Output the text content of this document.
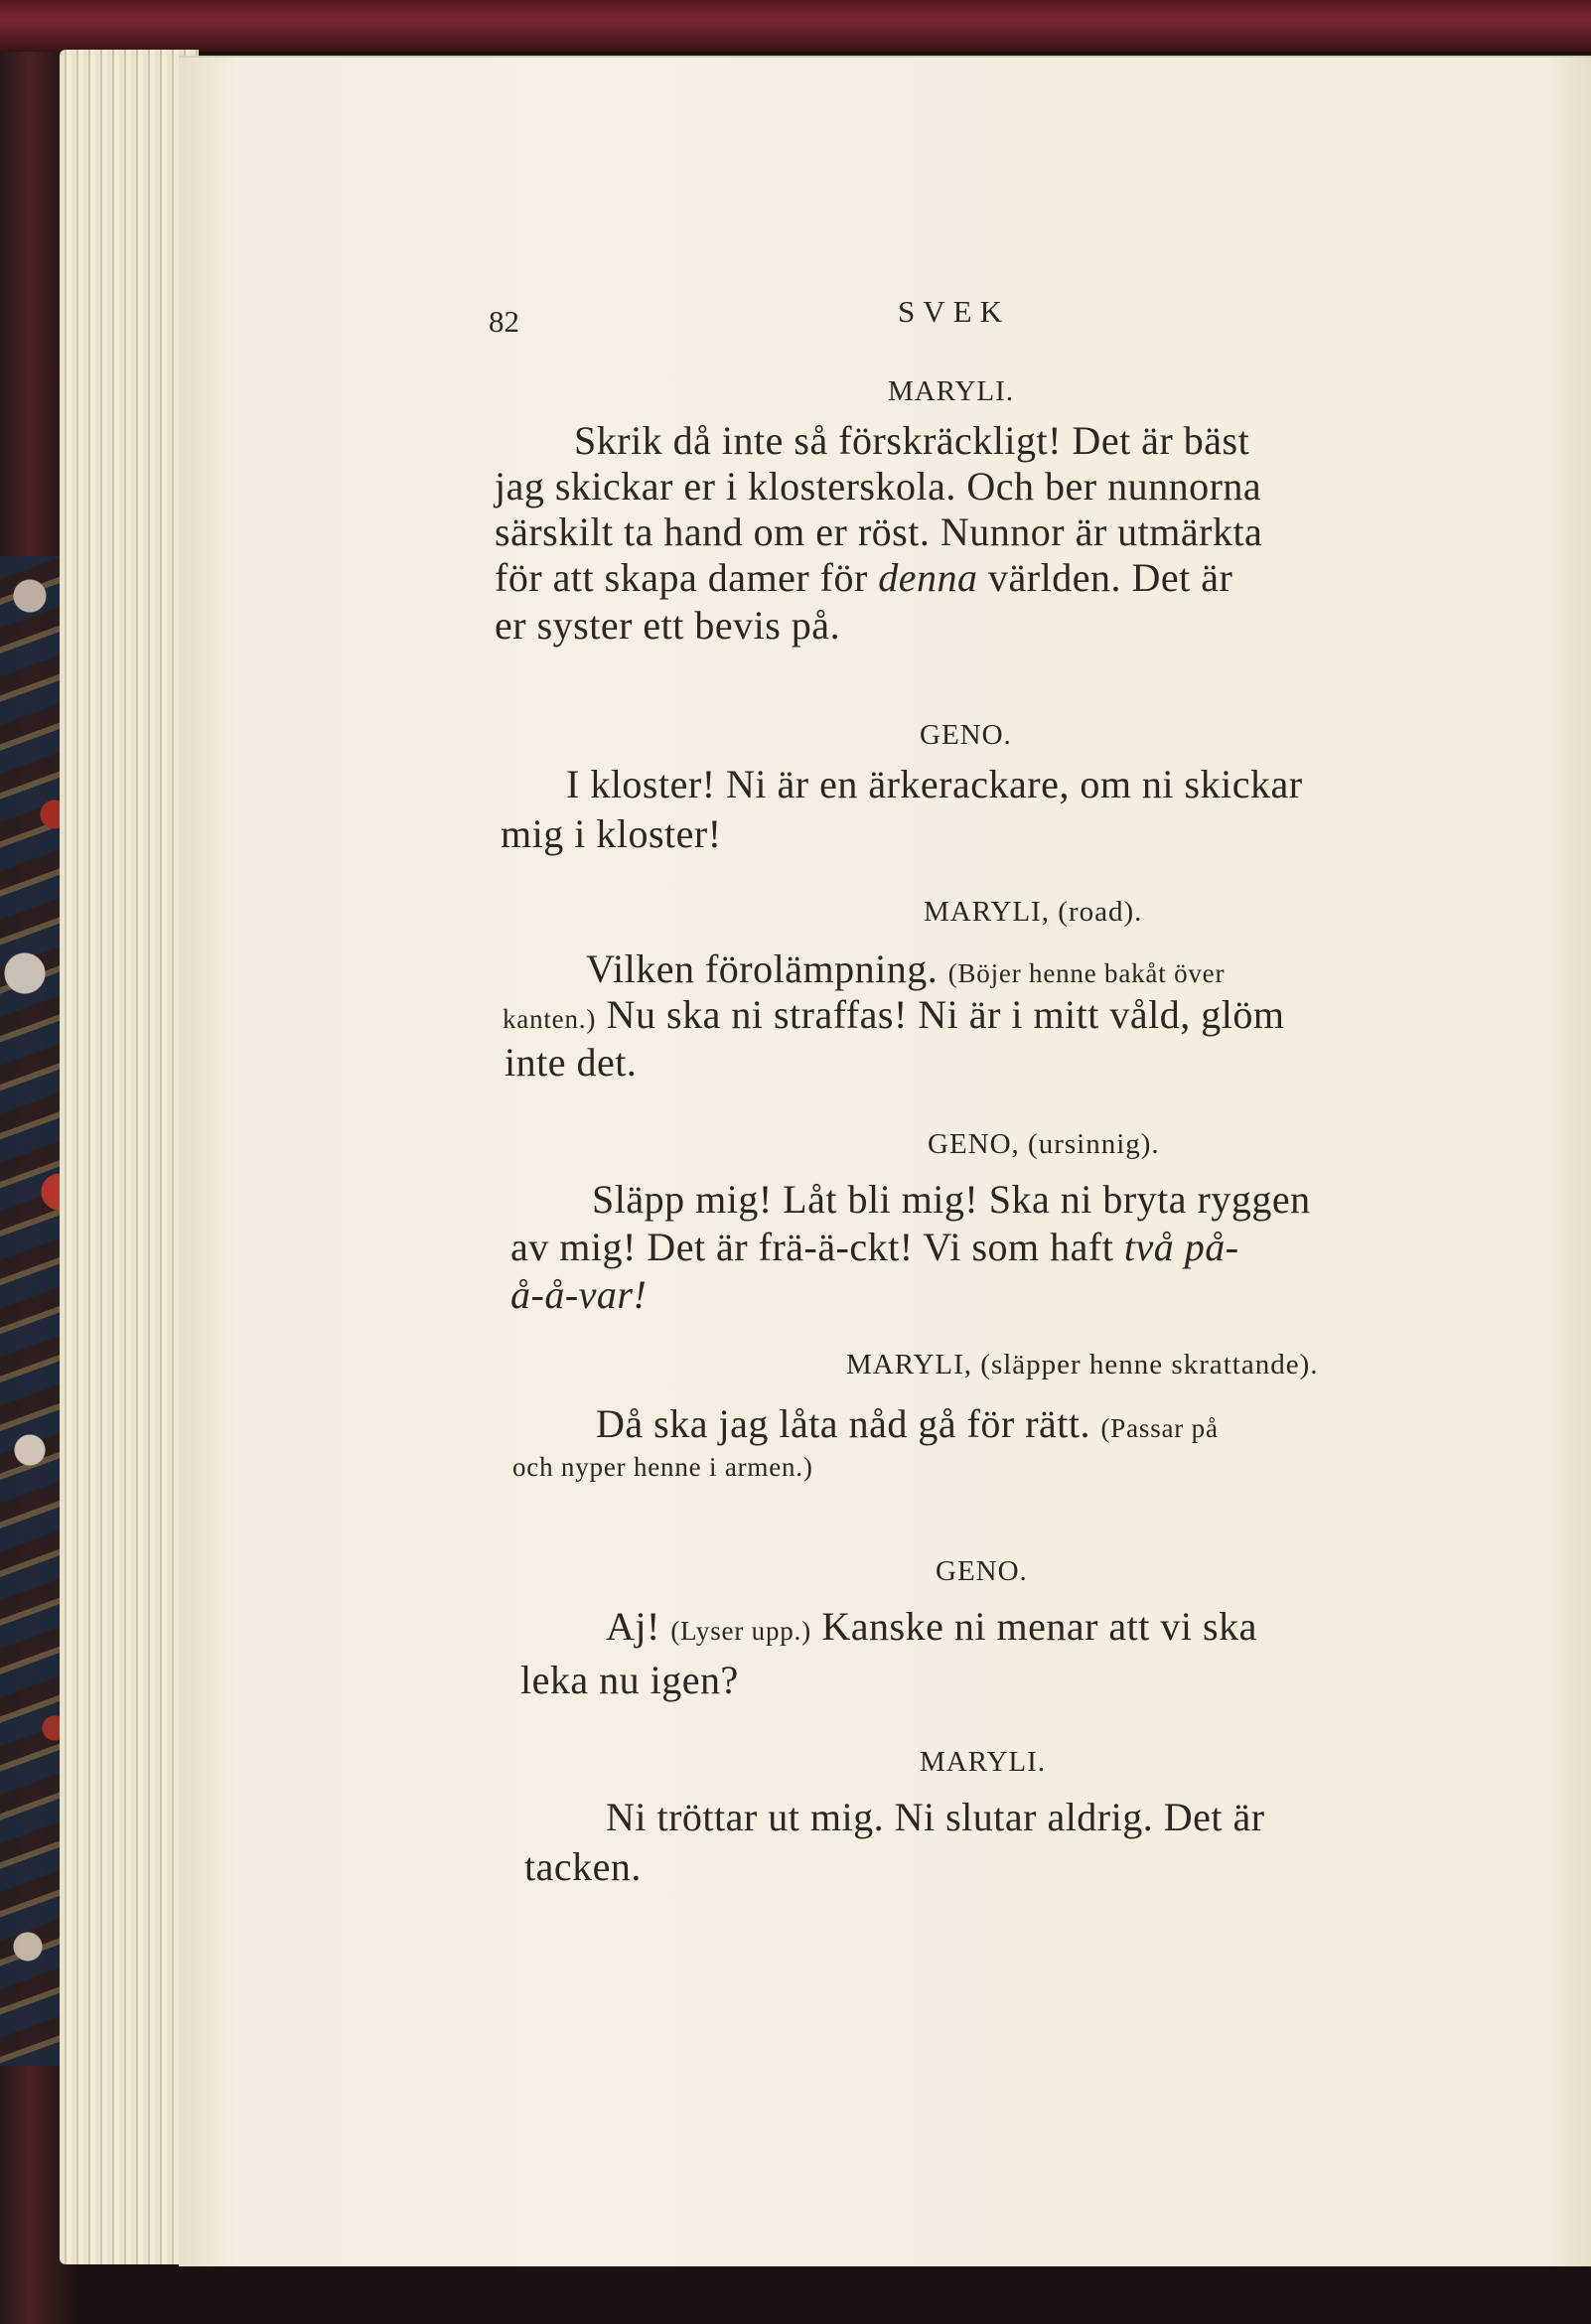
82	SVEK
MARYLI.
Skrik då inte så förskräckligt! Det är bäst
jag skickar er i klosterskola. Och ber nunnorna
särskilt ta hand om er röst. Nunnor är utmärkta
för att skapa damer för denna världen. Det är
er syster ett bevis på.
GENO.
I kloster! Ni är en ärkerackare, om ni skickar
mig i kloster!
MARYLI, (road).
Vilken förolämpning. (Böjer henne bakåt över
kanten.) Nu ska ni straffas! Ni är i mitt våld, glöm
inte det.
GENO, (ursinnig).
Släpp mig! Låt bli mig! Ska ni bryta ryggen
av mig! Det är frä-ä-ckt! Vi som haft två på-
å-å-var!
MARYLI, (släpper henne skrattande).
Då ska jag låta nåd gå för rätt. (Passar på
och nyper henne i armen.)
GENO.
Aj! (Lyser upp.) Kanske ni menar att vi ska
leka nu igen?
MARYLI.
Ni tröttar ut mig. Ni slutar aldrig. Det är
tacken.
